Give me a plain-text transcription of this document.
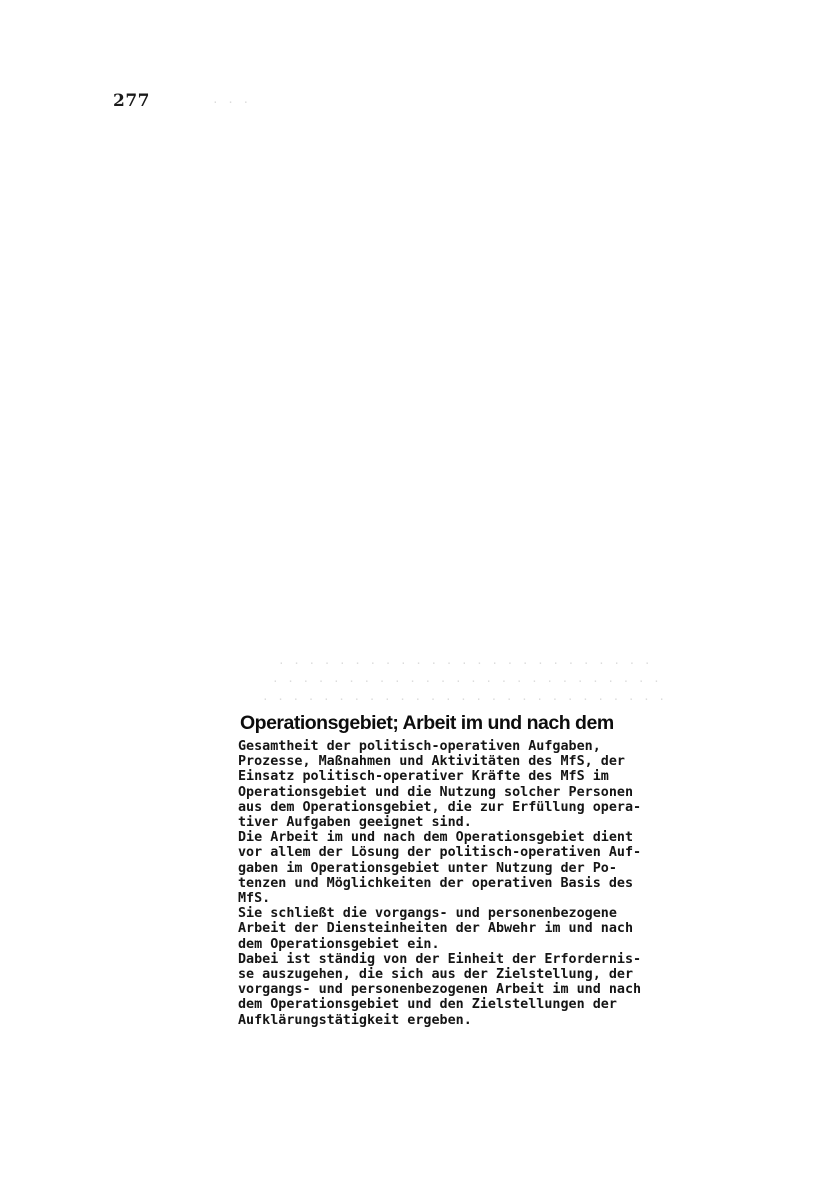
277	· · ·
· · · · · · · · · · · · · · · · · · · · · · · · ·
· · · · · · · · · · · · · · · · · · · · · · · · · ·
· · · · · · · · · · · · · · · · · · · · · · · · · · ·
Operationsgebiet; Arbeit im und nach dem
Gesamtheit der politisch-operativen Aufgaben,
Prozesse, Maßnahmen und Aktivitäten des MfS, der
Einsatz politisch-operativer Kräfte des MfS im
Operationsgebiet und die Nutzung solcher Personen
aus dem Operationsgebiet, die zur Erfüllung opera-
tiver Aufgaben geeignet sind.
Die Arbeit im und nach dem Operationsgebiet dient
vor allem der Lösung der politisch-operativen Auf-
gaben im Operationsgebiet unter Nutzung der Po-
tenzen und Möglichkeiten der operativen Basis des
MfS.
Sie schließt die vorgangs- und personenbezogene
Arbeit der Diensteinheiten der Abwehr im und nach
dem Operationsgebiet ein.
Dabei ist ständig von der Einheit der Erfordernis-
se auszugehen, die sich aus der Zielstellung, der
vorgangs- und personenbezogenen Arbeit im und nach
dem Operationsgebiet und den Zielstellungen der
Aufklärungstätigkeit ergeben.
